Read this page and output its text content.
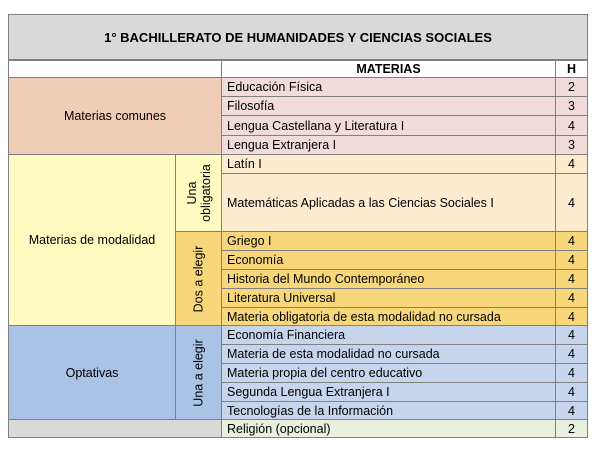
1° BACHILLERATO DE HUMANIDADES Y CIENCIAS SOCIALES
MATERIAS	H
Materias comunes
Educación Física	2
Filosofía	3
Lengua Castellana y Literatura I	4
Lengua Extranjera I	3
Materias de modalidad
Una
obligatoria
Latín I	4
Matemáticas Aplicadas a las Ciencias Sociales I	4
Dos a elegir
Griego I	4
Economía	4
Historia del Mundo Contemporáneo	4
Literatura Universal	4
Materia obligatoria de esta modalidad no cursada	4
Optativas	Una a elegir
Economía Financiera	4
Materia de esta modalidad no cursada	4
Materia propia del centro educativo	4
Segunda Lengua Extranjera I	4
Tecnologías de la Información	4
Religión (opcional)	2
